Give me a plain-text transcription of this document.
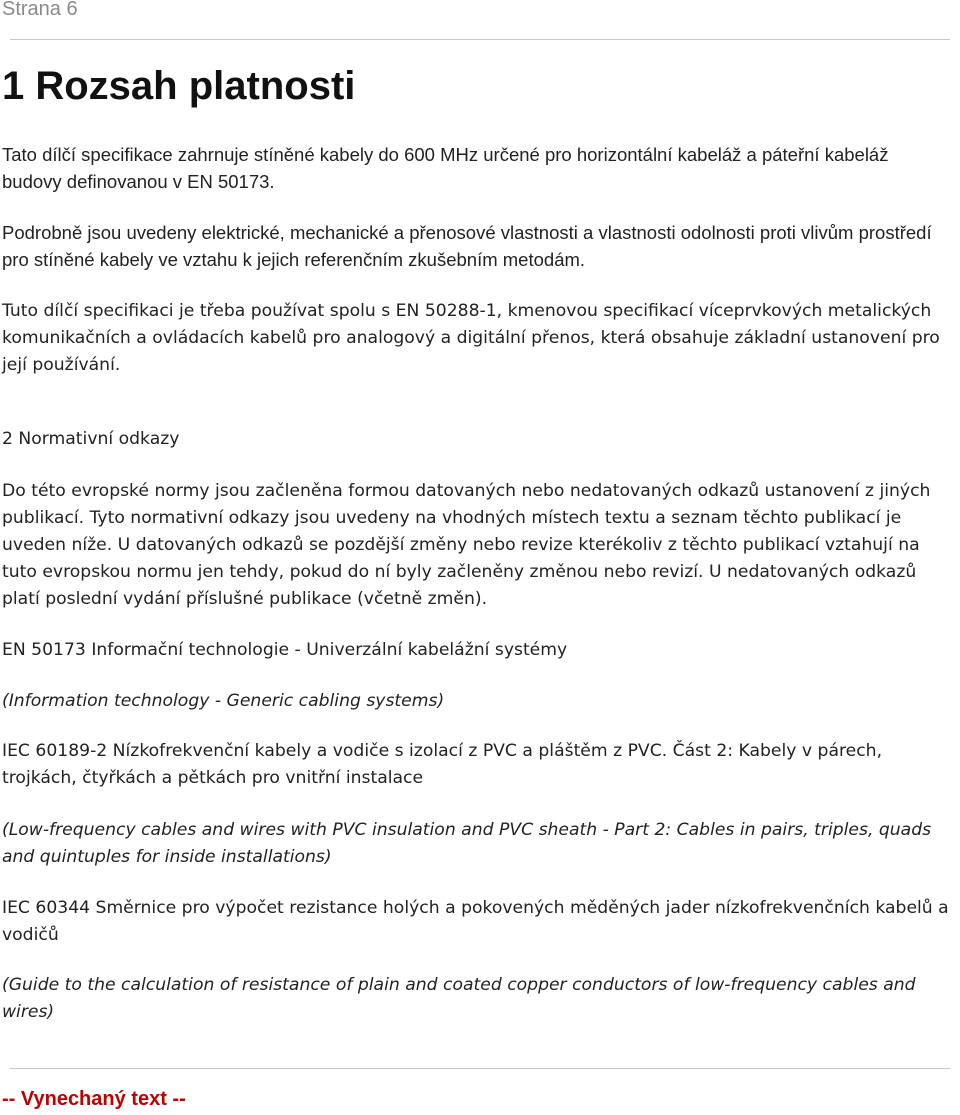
Strana 6

1 Rozsah platnosti

Tato dílčí specifikace zahrnuje stíněné kabely do 600 MHz určené pro horizontální kabeláž a páteřní kabeláž budovy definovanou v EN 50173.

Podrobně jsou uvedeny elektrické, mechanické a přenosové vlastnosti a vlastnosti odolnosti proti vlivům prostředí pro stíněné kabely ve vztahu k jejich referenčním zkušebním metodám.

Tuto dílčí specifikaci je třeba používat spolu s EN 50288-1, kmenovou specifikací víceprvkových metalických komunikačních a ovládacích kabelů pro analogový a digitální přenos, která obsahuje základní ustanovení pro její používání.

2 Normativní odkazy

Do této evropské normy jsou začleněna formou datovaných nebo nedatovaných odkazů ustanovení z jiných publikací. Tyto normativní odkazy jsou uvedeny na vhodných místech textu a seznam těchto publikací je uveden níže. U datovaných odkazů se pozdější změny nebo revize kterékoliv z těchto publikací vztahují na tuto evropskou normu jen tehdy, pokud do ní byly začleněny změnou nebo revizí. U nedatovaných odkazů platí poslední vydání příslušné publikace (včetně změn).

EN 50173 Informační technologie - Univerzální kabelážní systémy

(Information technology - Generic cabling systems)

IEC 60189-2 Nízkofrekvenční kabely a vodiče s izolací z PVC a pláštěm z PVC. Část 2: Kabely v párech, trojkách, čtyřkách a pětkách pro vnitřní instalace

(Low-frequency cables and wires with PVC insulation and PVC sheath - Part 2: Cables in pairs, triples, quads and quintuples for inside installations)

IEC 60344 Směrnice pro výpočet rezistance holých a pokovených měděných jader nízkofrekvenčních kabelů a vodičů

(Guide to the calculation of resistance of plain and coated copper conductors of low-frequency cables and wires)

-- Vynechaný text --
